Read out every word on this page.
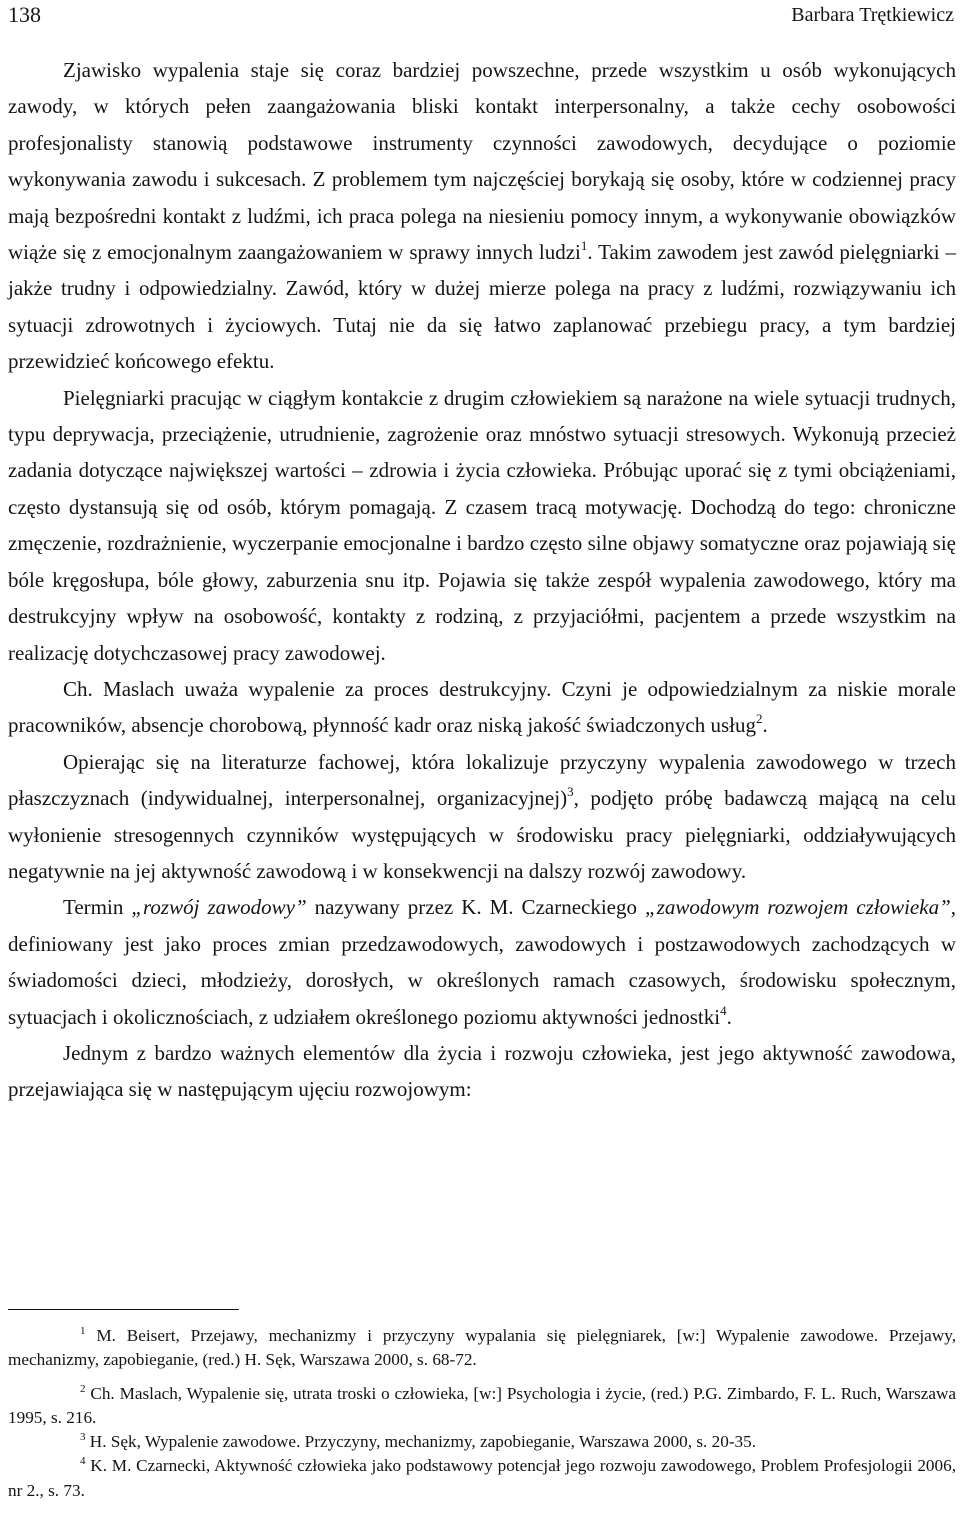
138	Barbara Trętkiewicz

Zjawisko wypalenia staje się coraz bardziej powszechne, przede wszystkim u osób wykonujących zawody, w których pełen zaangażowania bliski kontakt interpersonalny, a także cechy osobowości profesjonalisty stanowią podstawowe instrumenty czynności zawodowych, decydujące o poziomie wykonywania zawodu i sukcesach. Z problemem tym najczęściej borykają się osoby, które w codziennej pracy mają bezpośredni kontakt z ludźmi, ich praca polega na niesieniu pomocy innym, a wykonywanie obowiązków wiąże się z emocjonalnym zaangażowaniem w sprawy innych ludzi$^1$. Takim zawodem jest zawód pielęgniarki – jakże trudny i odpowiedzialny. Zawód, który w dużej mierze polega na pracy z ludźmi, rozwiązywaniu ich sytuacji zdrowotnych i życiowych. Tutaj nie da się łatwo zaplanować przebiegu pracy, a tym bardziej przewidzieć końcowego efektu.

Pielęgniarki pracując w ciągłym kontakcie z drugim człowiekiem są narażone na wiele sytuacji trudnych, typu deprywacja, przeciążenie, utrudnienie, zagrożenie oraz mnóstwo sytuacji stresowych. Wykonują przecież zadania dotyczące największej wartości – zdrowia i życia człowieka. Próbując uporać się z tymi obciążeniami, często dystansują się od osób, którym pomagają. Z czasem tracą motywację. Dochodzą do tego: chroniczne zmęczenie, rozdrażnienie, wyczerpanie emocjonalne i bardzo często silne objawy somatyczne oraz pojawiają się bóle kręgosłupa, bóle głowy, zaburzenia snu itp. Pojawia się także zespół wypalenia zawodowego, który ma destrukcyjny wpływ na osobowość, kontakty z rodziną, z przyjaciółmi, pacjentem a przede wszystkim na realizację dotychczasowej pracy zawodowej.

Ch. Maslach uważa wypalenie za proces destrukcyjny. Czyni je odpowiedzialnym za niskie morale pracowników, absencje chorobową, płynność kadr oraz niską jakość świadczonych usług$^2$.

Opierając się na literaturze fachowej, która lokalizuje przyczyny wypalenia zawodowego w trzech płaszczyznach (indywidualnej, interpersonalnej, organizacyjnej)$^3$, podjęto próbę badawczą mającą na celu wyłonienie stresogennych czynników występujących w środowisku pracy pielęgniarki, oddziaływujących negatywnie na jej aktywność zawodową i w konsekwencji na dalszy rozwój zawodowy.

Termin „rozwój zawodowy” nazywany przez K. M. Czarneckiego „zawodowym rozwojem człowieka”, definiowany jest jako proces zmian przedzawodowych, zawodowych i postzawodowych zachodzących w świadomości dzieci, młodzieży, dorosłych, w określonych ramach czasowych, środowisku społecznym, sytuacjach i okolicznościach, z udziałem określonego poziomu aktywności jednostki$^4$.

Jednym z bardzo ważnych elementów dla życia i rozwoju człowieka, jest jego aktywność zawodowa, przejawiająca się w następującym ujęciu rozwojowym:

$^1$ M. Beisert, Przejawy, mechanizmy i przyczyny wypalania się pielęgniarek, [w:] Wypalenie zawodowe. Przejawy, mechanizmy, zapobieganie, (red.) H. Sęk, Warszawa 2000, s. 68-72.

$^2$ Ch. Maslach, Wypalenie się, utrata troski o człowieka, [w:] Psychologia i życie, (red.) P.G. Zimbardo, F. L. Ruch, Warszawa 1995, s. 216.

$^3$ H. Sęk, Wypalenie zawodowe. Przyczyny, mechanizmy, zapobieganie, Warszawa 2000, s. 20-35.

$^4$ K. M. Czarnecki, Aktywność człowieka jako podstawowy potencjał jego rozwoju zawodowego, Problem Profesjologii 2006, nr 2., s. 73.
